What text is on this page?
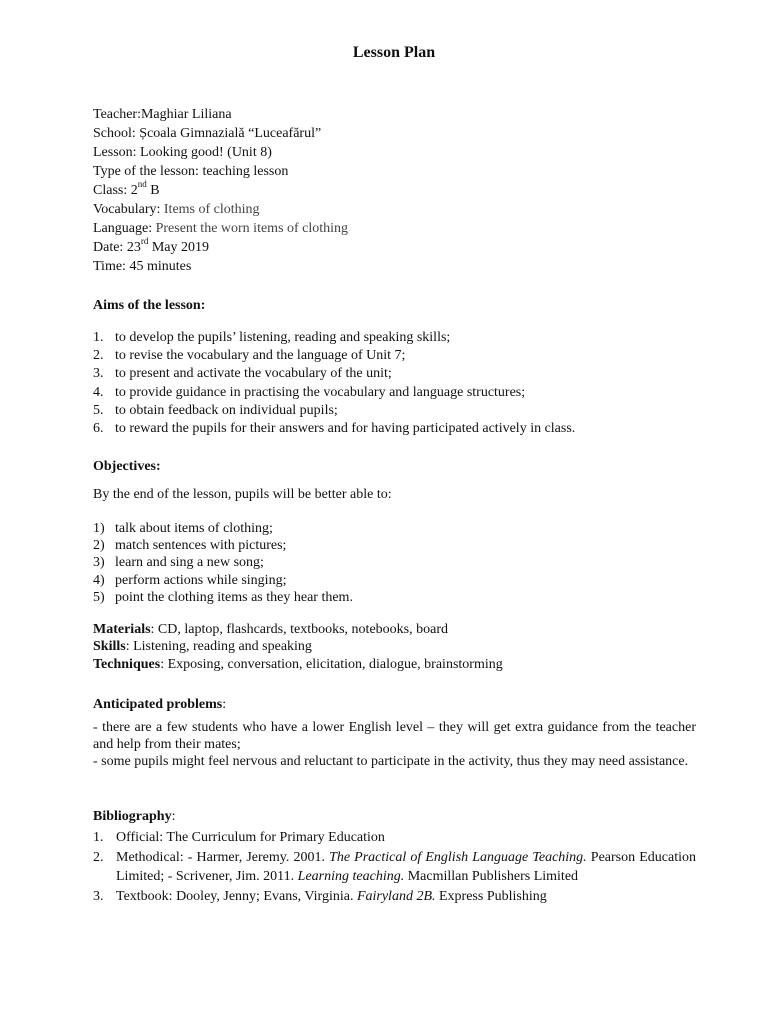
Lesson Plan
Teacher:Maghiar Liliana
School: Școala Gimnazială “Luceafărul”
Lesson: Looking good! (Unit 8)
Type of the lesson: teaching lesson
Class: 2nd B
Vocabulary: Items of clothing
Language: Present the worn items of clothing
Date: 23rd May 2019
Time: 45 minutes
Aims of the lesson:
1. to develop the pupils’ listening, reading and speaking skills;
2. to revise the vocabulary and the language of Unit 7;
3. to present and activate the vocabulary of the unit;
4. to provide guidance in practising the vocabulary and language structures;
5. to obtain feedback on individual pupils;
6. to reward the pupils for their answers and for having participated actively in class.
Objectives:
By the end of the lesson, pupils will be better able to:
1) talk about items of clothing;
2) match sentences with pictures;
3) learn and sing a new song;
4) perform actions while singing;
5) point the clothing items as they hear them.
Materials: CD, laptop, flashcards, textbooks, notebooks, board
Skills: Listening, reading and speaking
Techniques: Exposing, conversation, elicitation, dialogue, brainstorming
Anticipated problems:
- there are a few students who have a lower English level – they will get extra guidance from the teacher and help from their mates;
- some pupils might feel nervous and reluctant to participate in the activity, thus they may need assistance.
Bibliography:
1. Official: The Curriculum for Primary Education
2. Methodical: - Harmer, Jeremy. 2001. The Practical of English Language Teaching. Pearson Education Limited; - Scrivener, Jim. 2011. Learning teaching. Macmillan Publishers Limited
3. Textbook: Dooley, Jenny; Evans, Virginia. Fairyland 2B. Express Publishing
